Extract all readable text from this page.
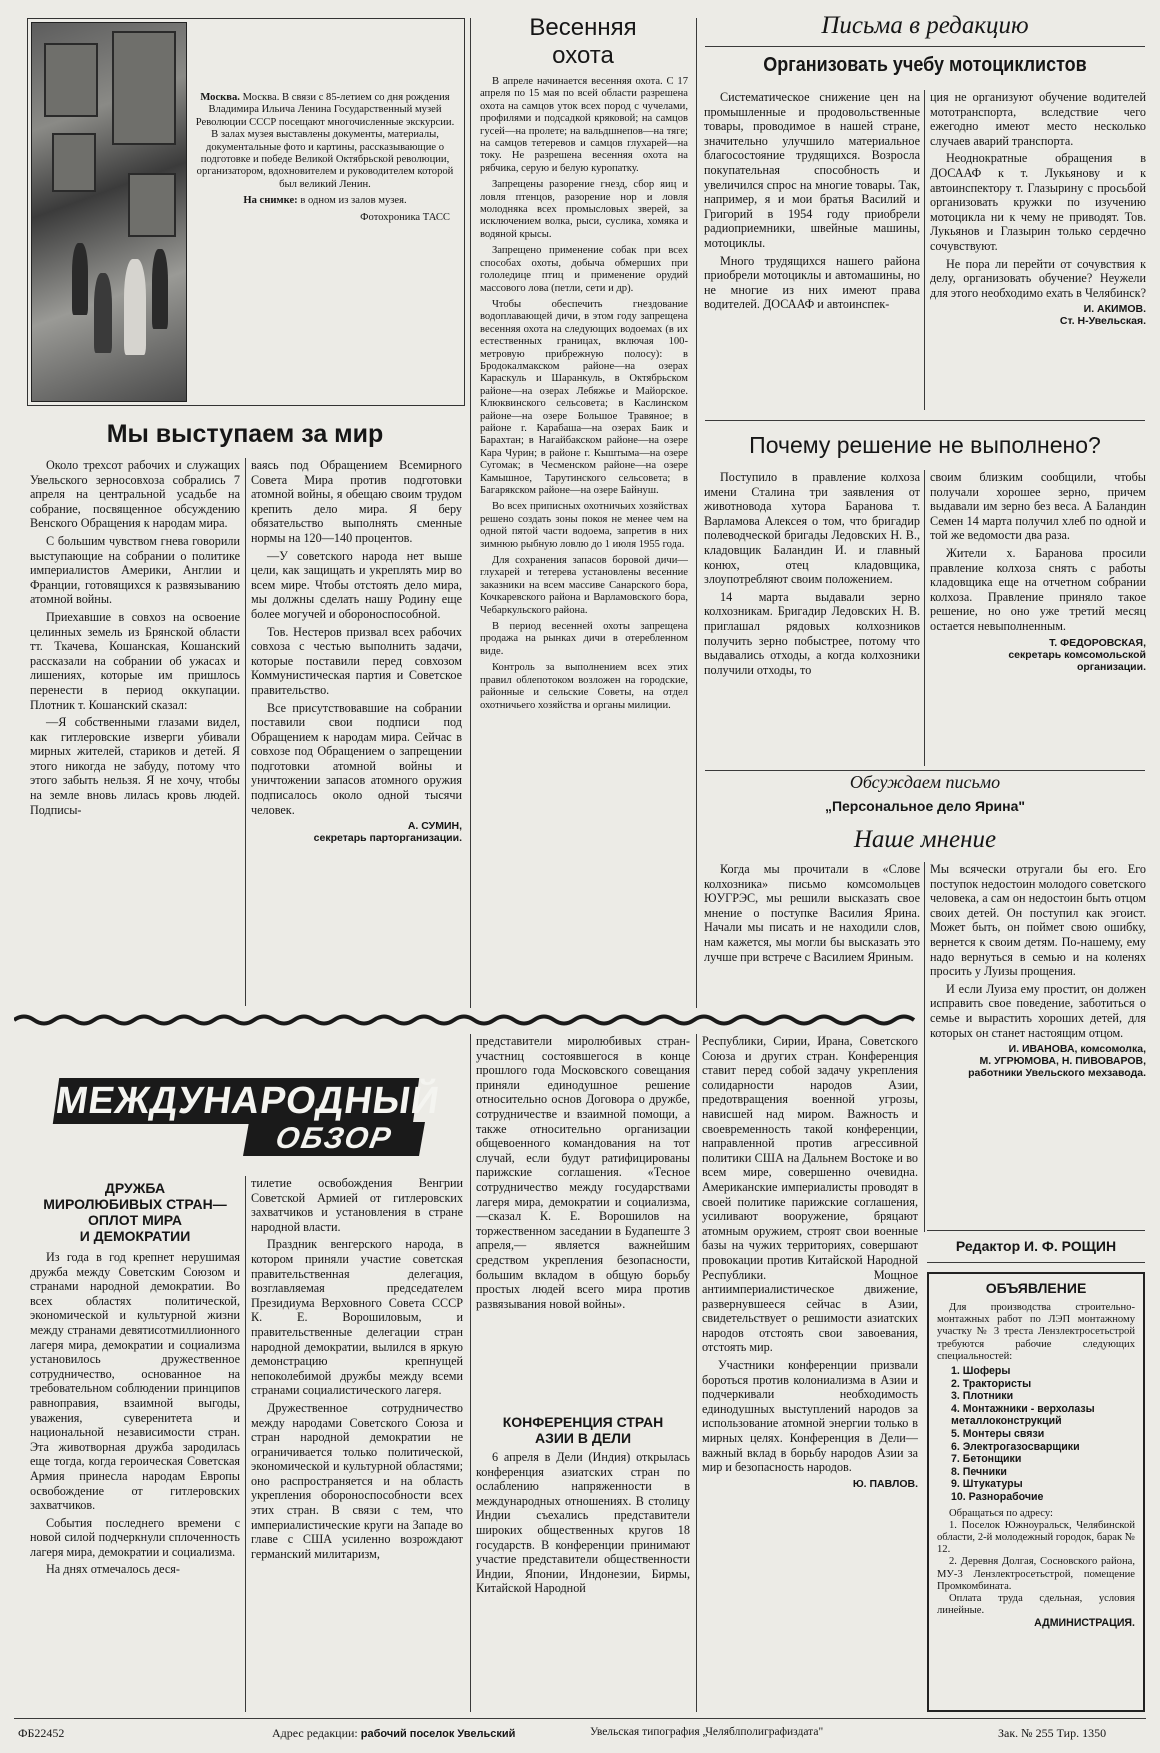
Москва. Москва. В связи с 85-летием со дня рождения Владимира Ильича Ленина Государственный музей Революции СССР посещают многочисленные экскурсии. В залах музея выставлены документы, материалы, документальные фото и картины, рассказывающие о подготовке и победе Великой Октябрьской революции, организатором, вдохновителем и руководителем которой был великий Ленин.

На снимке: в одном из залов музея.

Фотохроника ТАСС

Мы выступаем за мир

Около трехсот рабочих и служащих Увельского зерносовхоза собрались 7 апреля на центральной усадьбе на собрание, посвященное обсуждению Венского Обращения к народам мира.

С большим чувством гнева говорили выступающие на собрании о политике империалистов Америки, Англии и Франции, готовящихся к развязыванию атомной войны.

Приехавшие в совхоз на освоение целинных земель из Брянской области тт. Ткачева, Кошанская, Кошанский рассказали на собрании об ужасах и лишениях, которые им пришлось перенести в период оккупации. Плотник т. Кошанский сказал:

—Я собственными глазами видел, как гитлеровские изверги убивали мирных жителей, стариков и детей. Я этого никогда не забуду, потому что этого забыть нельзя. Я не хочу, чтобы на земле вновь лилась кровь людей. Подписы-

ваясь под Обращением Всемирного Совета Мира против подготовки атомной войны, я обещаю своим трудом крепить дело мира. Я беру обязательство выполнять сменные нормы на 120—140 процентов.

—У советского народа нет выше цели, как защищать и укреплять мир во всем мире. Чтобы отстоять дело мира, мы должны сделать нашу Родину еще более могучей и обороноспособной.

Тов. Нестеров призвал всех рабочих совхоза с честью выполнить задачи, которые поставили перед совхозом Коммунистическая партия и Советское правительство.

Все присутствовавшие на собрании поставили свои подписи под Обращением к народам мира. Сейчас в совхозе под Обращением о запрещении подготовки атомной войны и уничтожении запасов атомного оружия подписалось около одной тысячи человек.

А. СУМИН,
секретарь парторганизации.

Весенняя
охота

В апреле начинается весенняя охота. С 17 апреля по 15 мая по всей области разрешена охота на самцов уток всех пород с чучелами, профилями и подсадкой кряковой; на самцов гусей—на пролете; на вальдшнепов—на тяге; на самцов тетеревов и самцов глухарей—на току. Не разрешена весенняя охота на рябчика, серую и белую куропатку.

Запрещены разорение гнезд, сбор яиц и ловля птенцов, разорение нор и ловля молодняка всех промысловых зверей, за исключением волка, рыси, суслика, хомяка и водяной крысы.

Запрещено применение собак при всех способах охоты, добыча обмерших при гололедице птиц и применение орудий массового лова (петли, сети и др).

Чтобы обеспечить гнездование водоплавающей дичи, в этом году запрещена весенняя охота на следующих водоемах (в их естественных границах, включая 100-метровую прибрежную полосу): в Бродокалмакском районе—на озерах Караскуль и Шаранкуль, в Октябрьском районе—на озерах Лебяжье и Майорское. Клюквинского сельсовета; в Каслинском районе—на озере Большое Травяное; в районе г. Карабаша—на озерах Баик и Барахтан; в Нагайбакском районе—на озере Кара Чурин; в районе г. Кыштыма—на озере Сугомак; в Чесменском районе—на озере Камышное, Тарутинского сельсовета; в Багарякском районе—на озере Байнуш.

Во всех приписных охотничьих хозяйствах решено создать зоны покоя не менее чем на одной пятой части водоема, запретив в них зимнюю рыбную ловлю до 1 июля 1955 года.

Для сохранения запасов боровой дичи—глухарей и тетерева установлены весенние заказники на всем массиве Санарского бора, Кочкаревского района и Варламовского бора, Чебаркульского района.

В период весенней охоты запрещена продажа на рынках дичи в отеребленном виде.

Контроль за выполнением всех этих правил облепотоком возложен на городские, районные и сельские Советы, на отдел охотничьего хозяйства и органы милиции.

Письма в редакцию
Организовать учебу мотоциклистов

Систематическое снижение цен на промышленные и продовольственные товары, проводимое в нашей стране, значительно улучшило материальное благосостояние трудящихся. Возросла покупательная способность и увеличился спрос на многие товары. Так, например, я и мои братья Василий и Григорий в 1954 году приобрели радиоприемники, швейные машины, мотоциклы.

Много трудящихся нашего района приобрели мотоциклы и автомашины, но не многие из них имеют права водителей. ДОСААФ и автоинспек-

ция не организуют обучение водителей мототранспорта, вследствие чего ежегодно имеют место несколько случаев аварий транспорта.

Неоднократные обращения в ДОСААФ к т. Лукьянову и к автоинспектору т. Глазырину с просьбой организовать кружки по изучению мотоцикла ни к чему не приводят. Тов. Лукьянов и Глазырин только сердечно сочувствуют.

Не пора ли перейти от сочувствия к делу, организовать обучение? Неужели для этого необходимо ехать в Челябинск?

И. АКИМОВ.
Ст. Н-Увельская.

Почему решение не выполнено?

Поступило в правление колхоза имени Сталина три заявления от животновода хутора Баранова т. Варламова Алексея о том, что бригадир полеводческой бригады Ледовских Н. В., кладовщик Баландин И. и главный конюх, отец кладовщика, злоупотребляют своим положением.

14 марта выдавали зерно колхозникам. Бригадир Ледовских Н. В. приглашал рядовых колхозников получить зерно побыстрее, потому что выдавались отходы, а когда колхозники получили отходы, то

своим близким сообщили, чтобы получали хорошее зерно, причем выдавали им зерно без веса. А Баландин Семен 14 марта получил хлеб по одной и той же ведомости два раза.

Жители х. Баранова просили правление колхоза снять с работы кладовщика еще на отчетном собрании колхоза. Правление приняло такое решение, но оно уже третий месяц остается невыполненным.

Т. ФЕДОРОВСКАЯ,
секретарь комсомольской
организации.

Обсуждаем письмо
„Персональное дело Ярина"
Наше мнение

Когда мы прочитали в «Слове колхозника» письмо комсомольцев ЮУГРЭС, мы решили высказать свое мнение о поступке Василия Ярина. Начали мы писать и не находили слов, нам кажется, мы могли бы высказать это лучше при встрече с Василием Яриным.

Мы всячески отругали бы его. Его поступок недостоин молодого советского человека, а сам он недостоин быть отцом своих детей. Он поступил как эгоист. Может быть, он поймет свою ошибку, вернется к своим детям. По-нашему, ему надо вернуться в семью и на коленях просить у Луизы прощения.

И если Луиза ему простит, он должен исправить свое поведение, заботиться о семье и вырастить хороших детей, для которых он станет настоящим отцом.

И. ИВАНОВА, комсомолка,
М. УГРЮМОВА, Н. ПИВОВАРОВ,
работники Увельского мехзавода.

МЕЖДУНАРОДНЫЙ
ОБЗОР
ДРУЖБА
МИРОЛЮБИВЫХ СТРАН—
ОПЛОТ МИРА
И ДЕМОКРАТИИ

Из года в год крепнет нерушимая дружба между Советским Союзом и странами народной демократии. Во всех областях политической, экономической и культурной жизни между странами девятисотмиллионного лагеря мира, демократии и социализма установилось дружественное сотрудничество, основанное на требовательном соблюдении принципов равноправия, взаимной выгоды, уважения, суверенитета и национальной независимости стран. Эта животворная дружба зародилась еще тогда, когда героическая Советская Армия принесла народам Европы освобождение от гитлеровских захватчиков.

События последнего времени с новой силой подчеркнули сплоченность лагеря мира, демократии и социализма.

На днях отмечалось деся-

тилетие освобождения Венгрии Советской Армией от гитлеровских захватчиков и установления в стране народной власти.

Праздник венгерского народа, в котором приняли участие советская правительственная делегация, возглавляемая председателем Президиума Верховного Совета СССР К. Е. Ворошиловым, и правительственные делегации стран народной демократии, вылился в яркую демонстрацию крепнущей непоколебимой дружбы между всеми странами социалистического лагеря.

Дружественное сотрудничество между народами Советского Союза и стран народной демократии не ограничивается только политической, экономической и культурной областями; оно распространяется и на область укрепления обороноспособности всех этих стран. В связи с тем, что империалистические круги на Западе во главе с США усиленно возрождают германский милитаризм,

представители миролюбивых стран-участниц состоявшегося в конце прошлого года Московского совещания приняли единодушное решение относительно основ Договора о дружбе, сотрудничестве и взаимной помощи, а также относительно организации общевоенного командования на тот случай, если будут ратифицированы парижские соглашения. «Тесное сотрудничество между государствами лагеря мира, демократии и социализма,—сказал К. Е. Ворошилов на торжественном заседании в Будапеште 3 апреля,— является важнейшим средством укрепления безопасности, большим вкладом в общую борьбу простых людей всего мира против развязывания новой войны».

КОНФЕРЕНЦИЯ СТРАН
АЗИИ В ДЕЛИ

6 апреля в Дели (Индия) открылась конференция азиатских стран по ослаблению напряженности в международных отношениях. В столицу Индии съехались представители широких общественных кругов 18 государств. В конференции принимают участие представители общественности Индии, Японии, Индонезии, Бирмы, Китайской Народной

Республики, Сирии, Ирана, Советского Союза и других стран. Конференция ставит перед собой задачу укрепления солидарности народов Азии, предотвращения военной угрозы, нависшей над миром. Важность и своевременность такой конференции, направленной против агрессивной политики США на Дальнем Востоке и во всем мире, совершенно очевидна. Американские империалисты проводят в своей политике парижские соглашения, усиливают вооружение, бряцают атомным оружием, строят свои военные базы на чужих территориях, совершают провокации против Китайской Народной Республики. Мощное антиимпериалистическое движение, развернувшееся сейчас в Азии, свидетельствует о решимости азиатских народов отстоять свои завоевания, отстоять мир.

Участники конференции призвали бороться против колониализма в Азии и подчеркивали необходимость единодушных выступлений народов за использование атомной энергии только в мирных целях. Конференция в Дели—важный вклад в борьбу народов Азии за мир и безопасность народов.

Ю. ПАВЛОВ.

Редактор И. Ф. РОЩИН
ОБЪЯВЛЕНИЕ

Для производства строительно-монтажных работ по ЛЭП монтажному участку № 3 треста Лензлектросетьстрой требуются рабочие следующих специальностей:

1. Шоферы
2. Трактористы
3. Плотники
4. Монтажники - верхолазы металлоконструкций
5. Монтеры связи
6. Электрогазосварщики
7. Бетонщики
8. Печники
9. Штукатуры
10. Разнорабочие

Обращаться по адресу:

1. Поселок Южноуральск, Челябинской области, 2-й молодежный городок, барак № 12.

2. Деревня Долгая, Сосновского района, МУ-3 Лензлектросетьстрой, помещение Промкомбината.

Оплата труда сдельная, условия линейные.

АДМИНИСТРАЦИЯ.

ФБ22452	Адрес редакции: рабочий поселок Увельский	Увельская типография „Челяблполиграфиздата"	Зак. № 255 Тир. 1350
